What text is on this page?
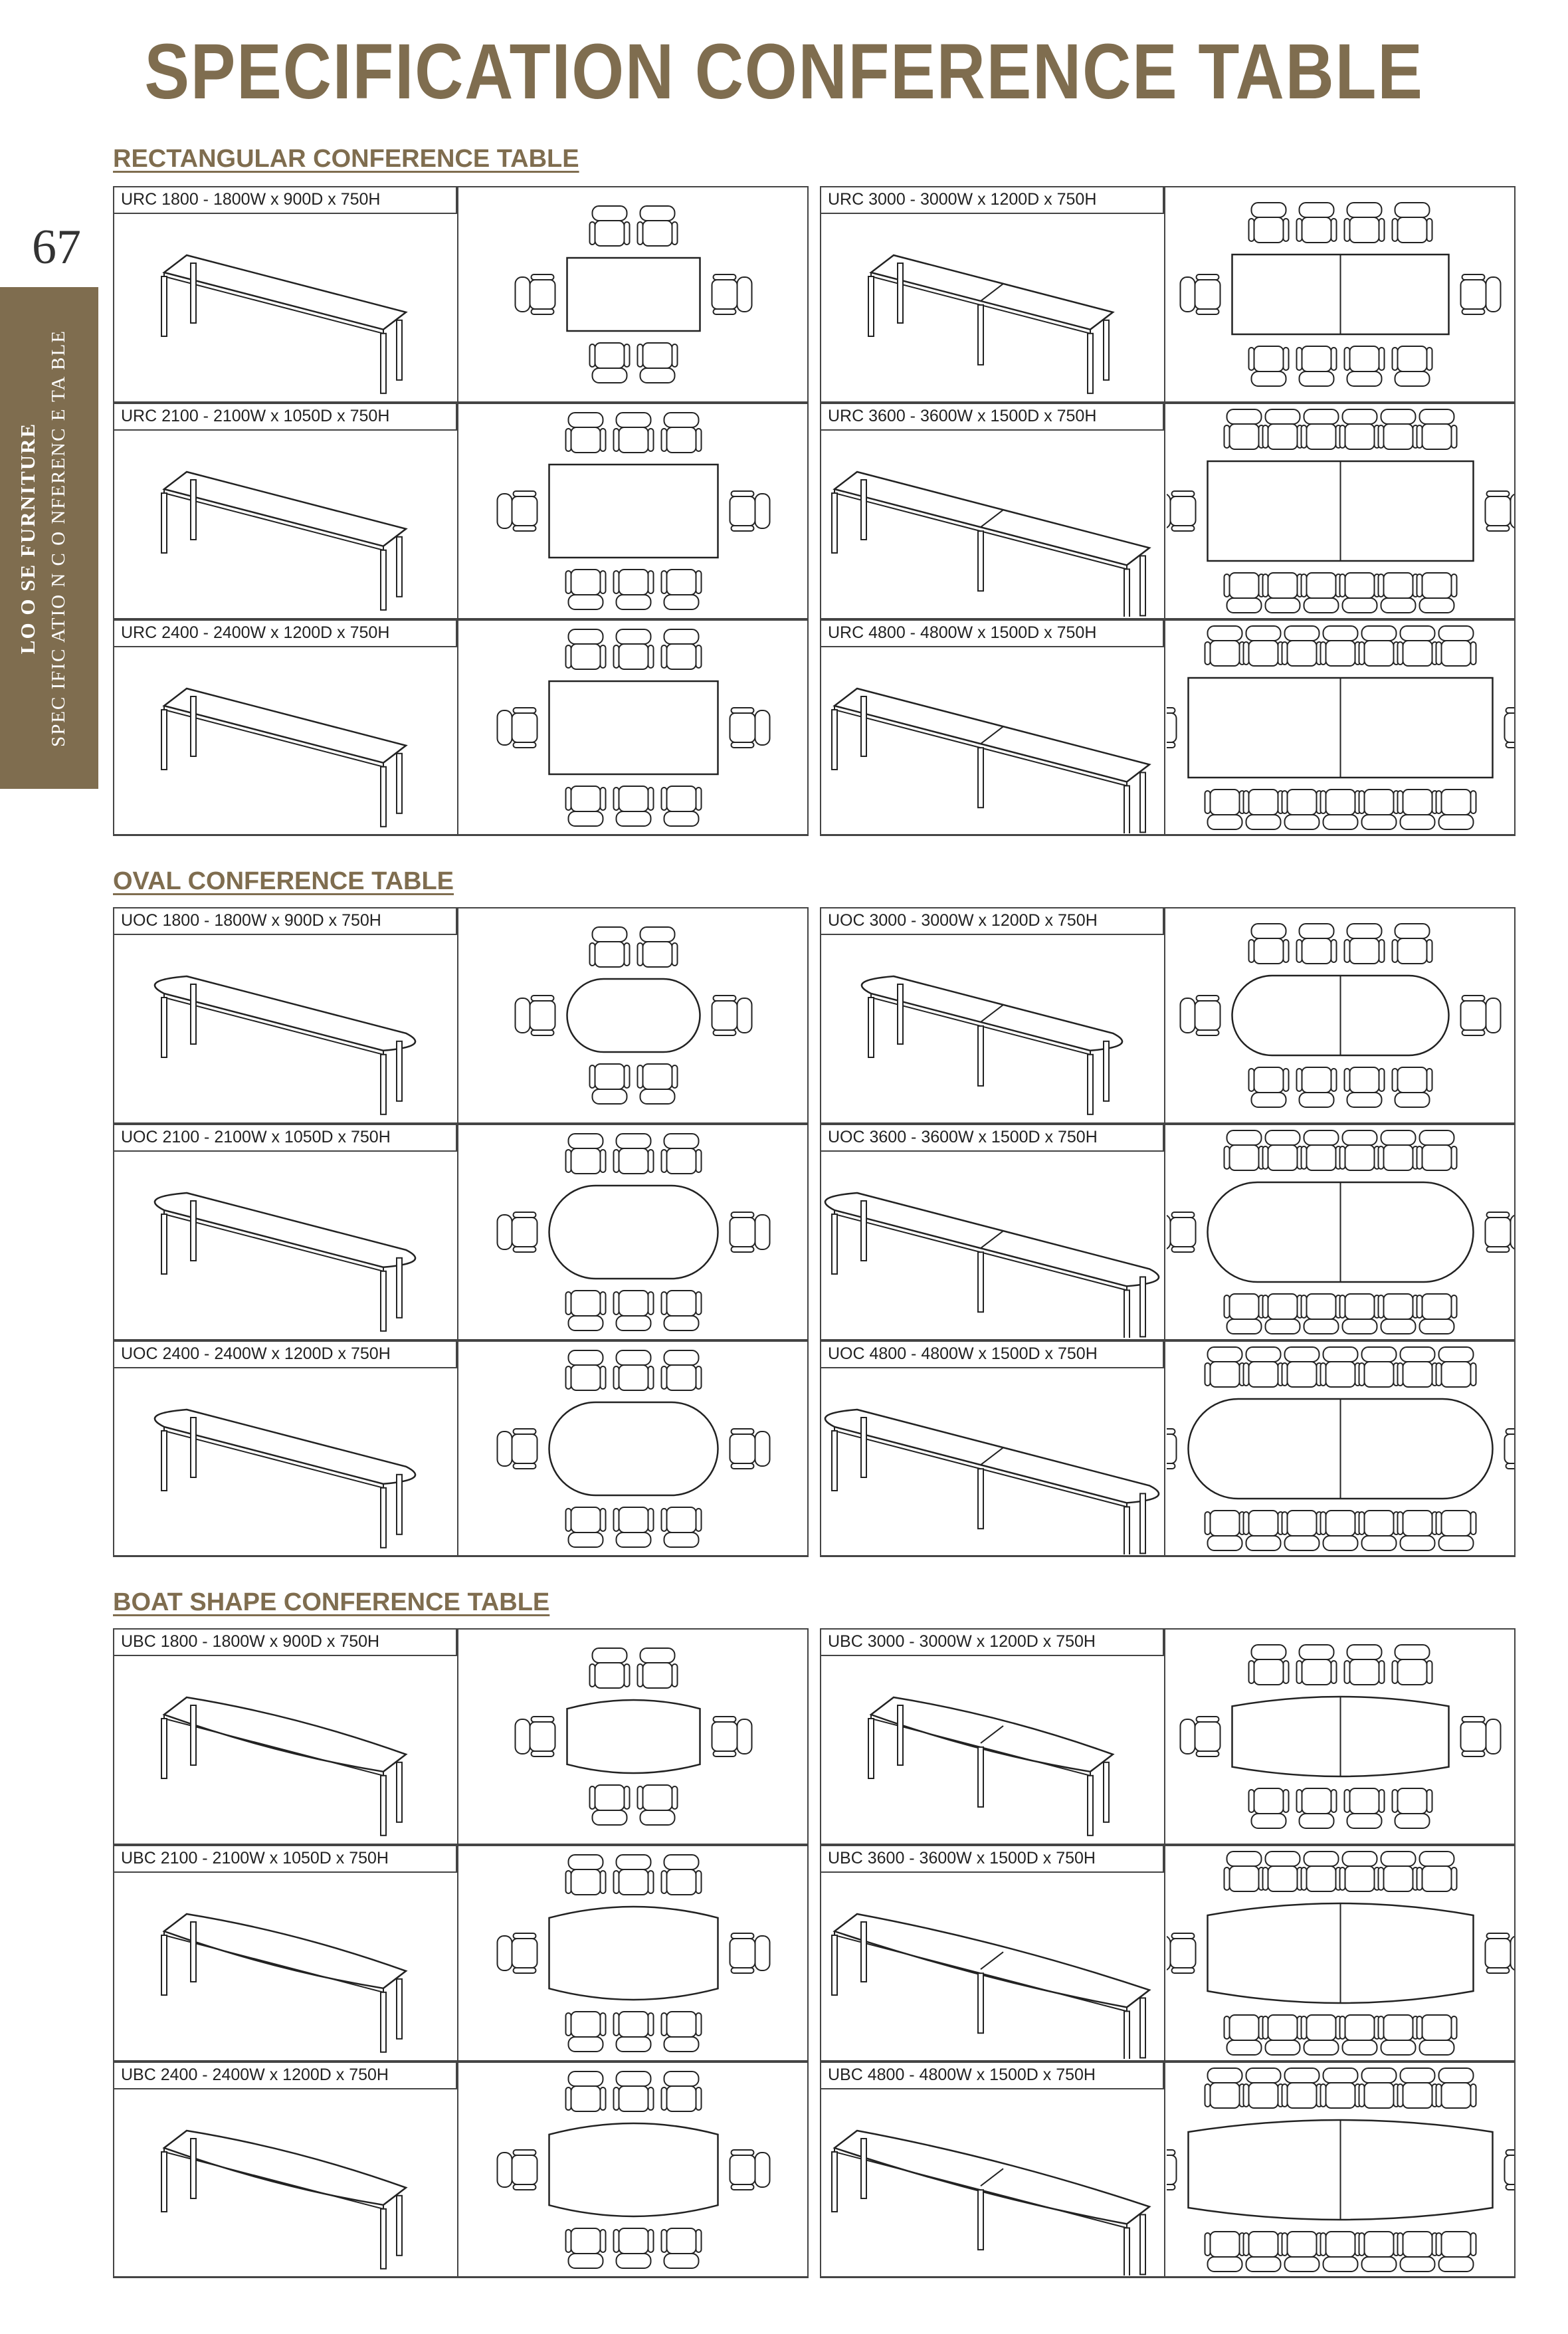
SPECIFICATION CONFERENCE TABLE
67
LO O SE FURNITURE SPEC IFIC ATIO N C O NFERENC E TA BLE
RECTANGULAR CONFERENCE TABLE
OVAL CONFERENCE TABLE
BOAT SHAPE CONFERENCE TABLE
URC 1800 - 1800W x 900D x 750H
URC 2100 - 2100W x 1050D x 750H
URC 2400 - 2400W x 1200D x 750H
URC 3000 - 3000W x 1200D x 750H
URC 3600 - 3600W x 1500D x 750H
URC 4800 - 4800W x 1500D x 750H
UOC 1800 - 1800W x 900D x 750H
UOC 2100 - 2100W x 1050D x 750H
UOC 2400 - 2400W x 1200D x 750H
UOC 3000 - 3000W x 1200D x 750H
UOC 3600 - 3600W x 1500D x 750H
UOC 4800 - 4800W x 1500D x 750H
UBC 1800 - 1800W x 900D x 750H
UBC 2100 - 2100W x 1050D x 750H
UBC 2400 - 2400W x 1200D x 750H
UBC 3000 - 3000W x 1200D x 750H
UBC 3600 - 3600W x 1500D x 750H
UBC 4800 - 4800W x 1500D x 750H
